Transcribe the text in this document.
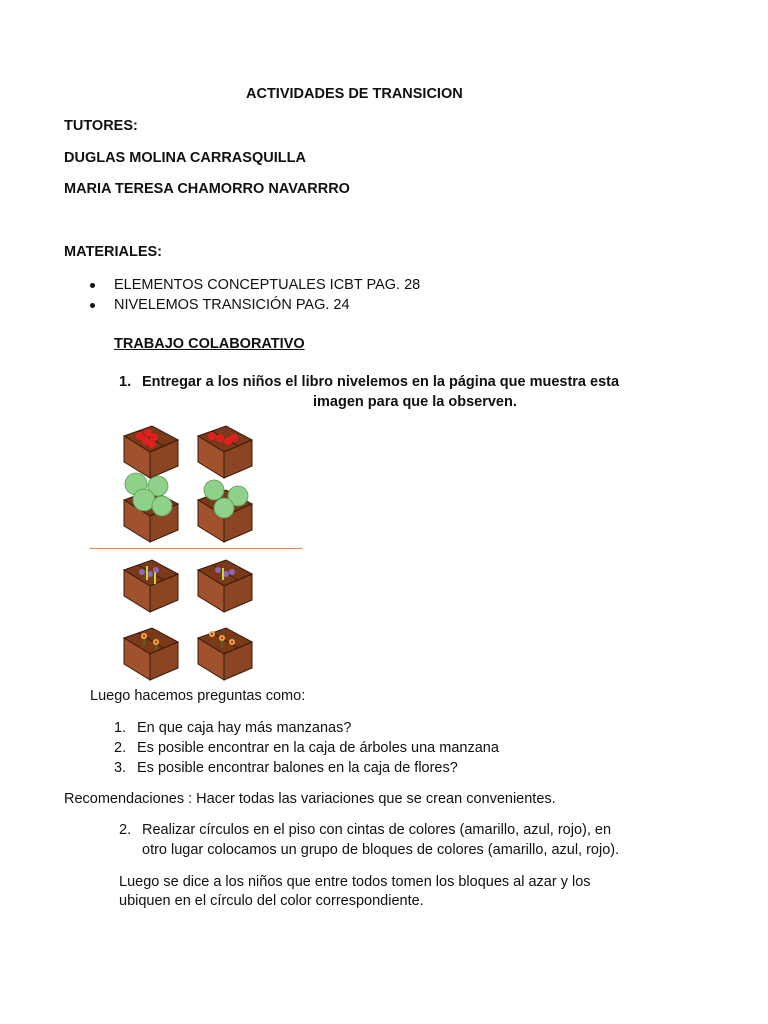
ACTIVIDADES DE TRANSICION
TUTORES:
DUGLAS MOLINA CARRASQUILLA
MARIA TERESA CHAMORRO NAVARRRO
MATERIALES:
ELEMENTOS CONCEPTUALES ICBT PAG. 28
NIVELEMOS TRANSICIÓN PAG. 24
TRABAJO COLABORATIVO
1. Entregar a los niños el libro nivelemos en la página que muestra esta
imagen para que la observen.
Luego hacemos preguntas como:
1. En que caja hay más manzanas?
2. Es posible encontrar en la caja de árboles una manzana
3. Es posible encontrar balones en la caja de flores?
Recomendaciones : Hacer todas las variaciones que se crean convenientes.
2. Realizar círculos en el piso con cintas de colores (amarillo, azul, rojo), en
otro lugar colocamos un grupo de bloques de colores (amarillo, azul, rojo).
Luego se dice a los niños que entre todos tomen los bloques al azar y los
ubiquen en el círculo del color correspondiente.
